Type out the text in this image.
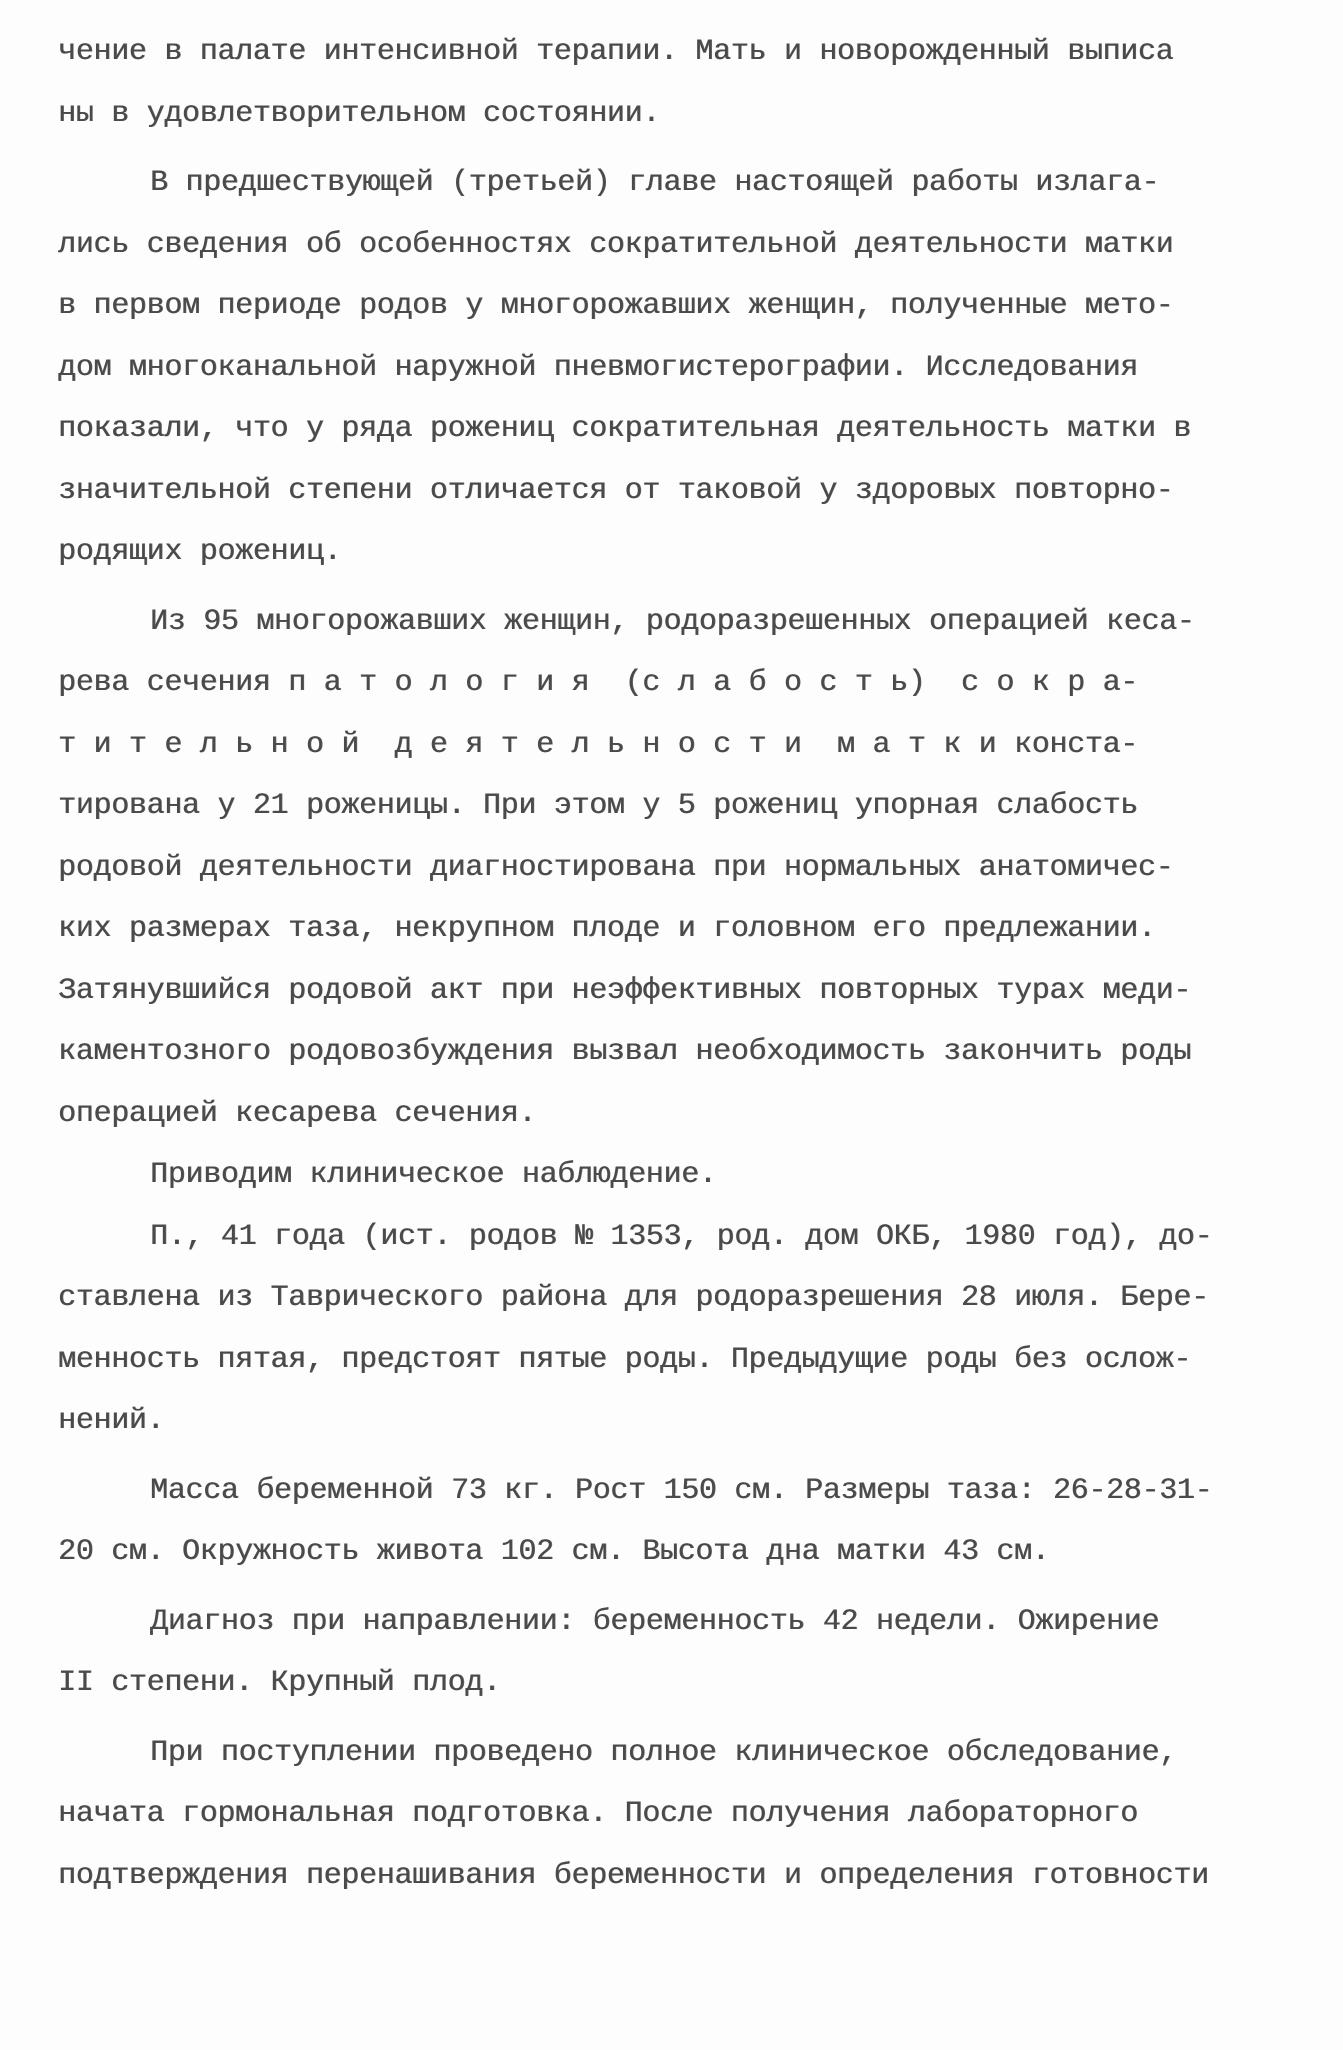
чение в палате интенсивной терапии. Мать и новорожденный выписа
ны в удовлетворительном состоянии.
В предшествующей (третьей) главе настоящей работы излага-
лись сведения об особенностях сократительной деятельности матки
в первом периоде родов у многорожавших женщин, полученные мето-
дом многоканальной наружной пневмогистерографии. Исследования
показали, что у ряда рожениц сократительная деятельность матки в
значительной степени отличается от таковой у здоровых повторно-
родящих рожениц.
Из 95 многорожавших женщин, родоразрешенных операцией кеса-
рева сечения п а т о л о г и я  (с л а б о с т ь)  с о к р а-
т и т е л ь н о й  д е я т е л ь н о с т и  м а т к и конста-
тирована у 21 роженицы. При этом у 5 рожениц упорная слабость
родовой деятельности диагностирована при нормальных анатомичес-
ких размерах таза, некрупном плоде и головном его предлежании.
Затянувшийся родовой акт при неэффективных повторных турах меди-
каментозного родовозбуждения вызвал необходимость закончить роды
операцией кесарева сечения.
Приводим клиническое наблюдение.
П., 41 года (ист. родов № 1353, род. дом ОКБ, 1980 год), до-
ставлена из Таврического района для родоразрешения 28 июля. Бере-
менность пятая, предстоят пятые роды. Предыдущие роды без ослож-
нений.
Масса беременной 73 кг. Рост 150 см. Размеры таза: 26-28-31-
20 см. Окружность живота 102 см. Высота дна матки 43 см.
Диагноз при направлении: беременность 42 недели. Ожирение
II степени. Крупный плод.
При поступлении проведено полное клиническое обследование,
начата гормональная подготовка. После получения лабораторного
подтверждения перенашивания беременности и определения готовности
